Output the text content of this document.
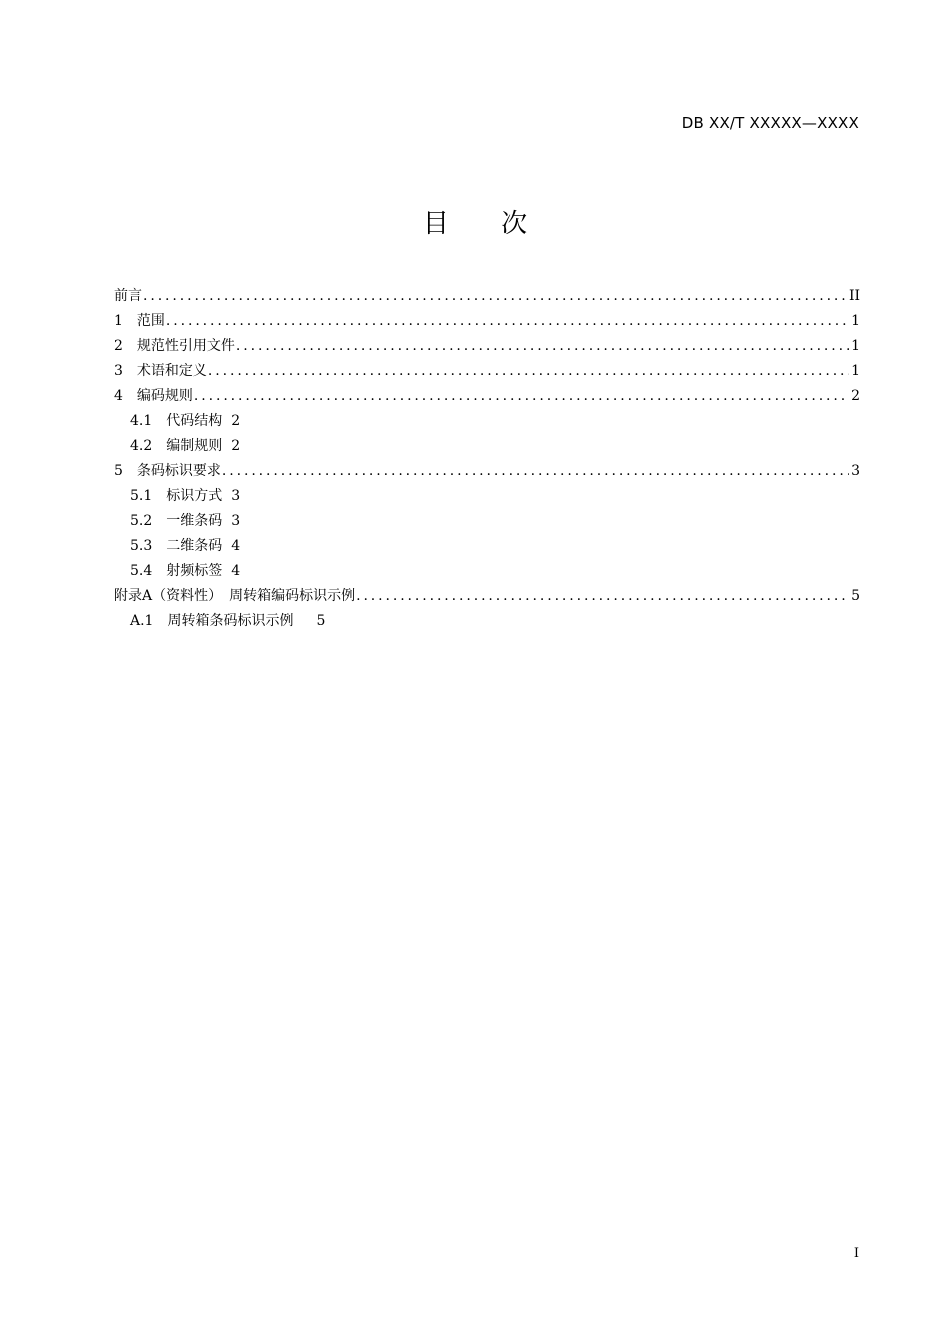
DB XX/T XXXXX—XXXX
目 次
前言 .....	II
1　范围 .....	1
2　规范性引用文件 .....	1
3　术语和定义 .....	1
4　编码规则 .....	2
4.1　代码结构 2
4.2　编制规则 2
5　条码标识要求 .....	3
5.1　标识方式 3
5.2　一维条码 3
5.3　二维条码 4
5.4　射频标签 4
附录A（资料性）　周转箱编码标识示例 .....	5
A.1　周转箱条码标识示例　 5
I
